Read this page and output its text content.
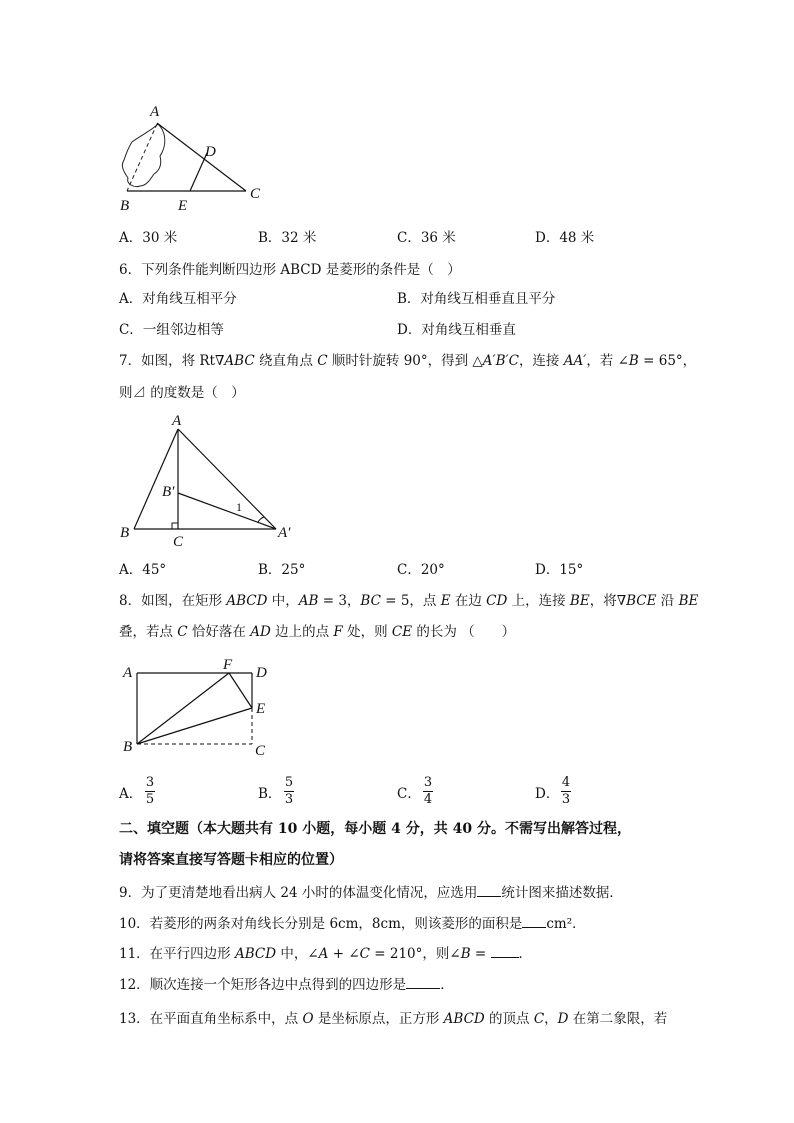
A
D
C
B	E
A．30 米	B．32 米	C．36 米	D．48 米
6．下列条件能判断四边形 ABCD 是菱形的条件是（　）
A．对角线互相平分	B．对角线互相垂直且平分
C．一组邻边相等	D．对角线互相垂直
7．如图，将 Rt∇ABC 绕直角点 C 顺时针旋转 90°，得到 △A′B′C，连接 AA′，若 ∠B = 65°，
则⊿ 的度数是（　）
A
B′
B
C
A′
1
A．45°	B．25°	C．20°	D．15°
8．如图，在矩形 ABCD 中，AB = 3，BC = 5，点 E 在边 CD 上，连接 BE，将∇BCE 沿 BE
叠，若点 C 恰好落在 AD 边上的点 F 处，则 CE 的长为 （　　）
A	F D
E
B	C
A．
3
5	B．
5
3	C．
3
4	D．
4
3
二、填空题（本大题共有 10 小题，每小题 4 分，共 40 分。不需写出解答过程，
请将答案直接写答题卡相应的位置）
9．为了更清楚地看出病人 24 小时的体温变化情况，应选用 统计图来描述数据．
10．若菱形的两条对角线长分别是 6cm，8cm，则该菱形的面积是 cm²．
11．在平行四边形 ABCD 中，∠A + ∠C = 210°，则∠B = ．
12．顺次连接一个矩形各边中点得到的四边形是	．
13．在平面直角坐标系中，点 O 是坐标原点，正方形 ABCD 的顶点 C，D 在第二象限，若
